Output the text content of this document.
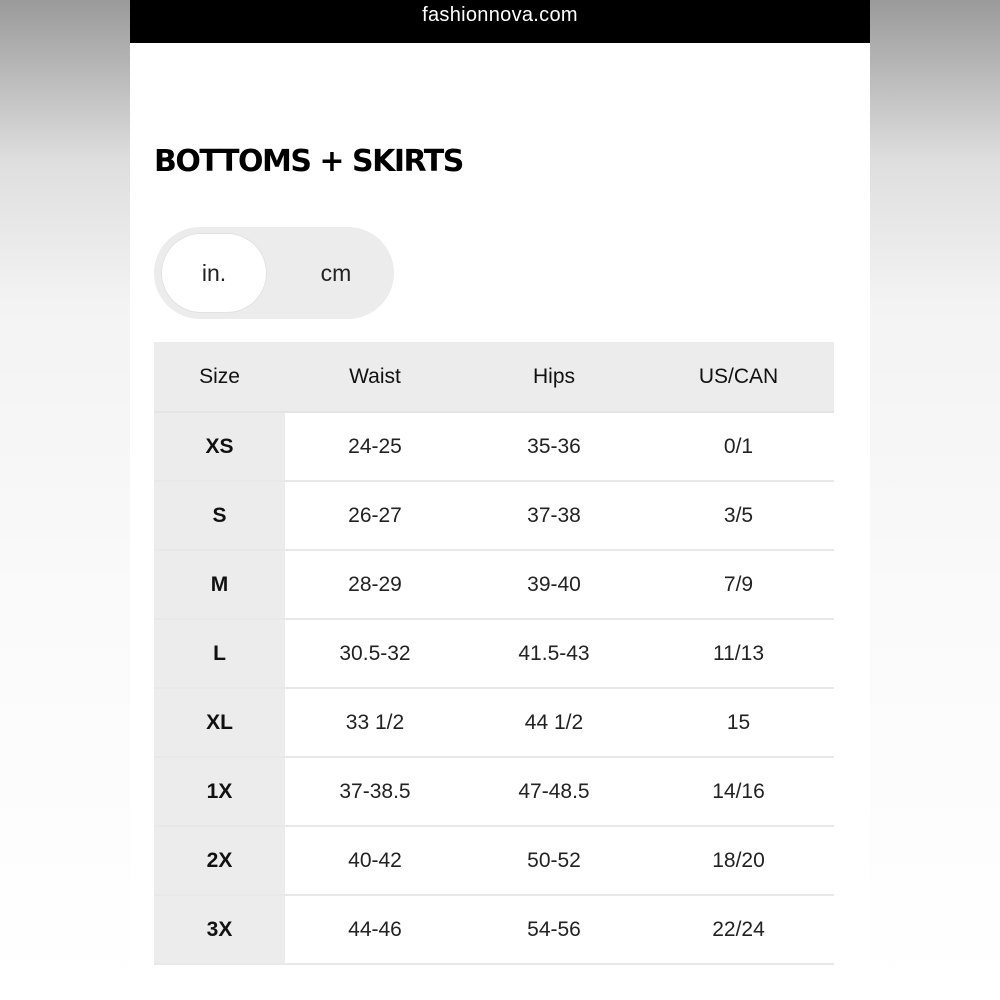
fashionnova.com
BOTTOMS + SKIRTS
in.	cm
Size	Waist	Hips	US/CAN
XS	24-25	35-36	0/1
S	26-27	37-38	3/5
M	28-29	39-40	7/9
L	30.5-32	41.5-43	11/13
XL	33 1/2	44 1/2	15
1X	37-38.5	47-48.5	14/16
2X	40-42	50-52	18/20
3X	44-46	54-56	22/24
